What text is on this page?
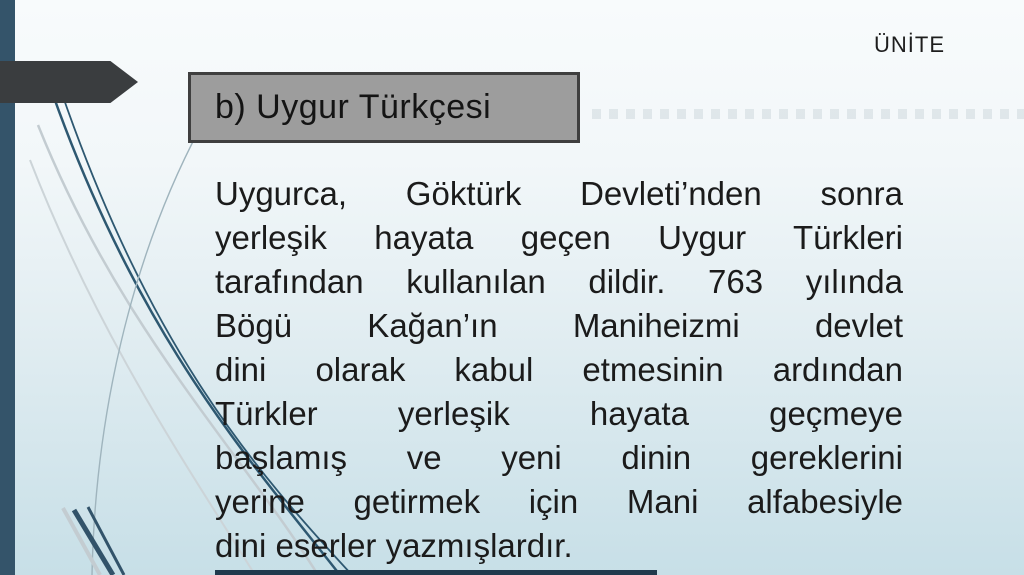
b) Uygur Türkçesi
ÜNİTE
Uygurca, Göktürk Devleti’nden sonra
yerleşik hayata geçen Uygur Türkleri
tarafından kullanılan dildir. 763 yılında
Bögü Kağan’ın Maniheizmi devlet
dini olarak kabul etmesinin ardından
Türkler yerleşik hayata geçmeye
başlamış ve yeni dinin gereklerini
yerine getirmek için Mani alfabesiyle
dini eserler yazmışlardır.
